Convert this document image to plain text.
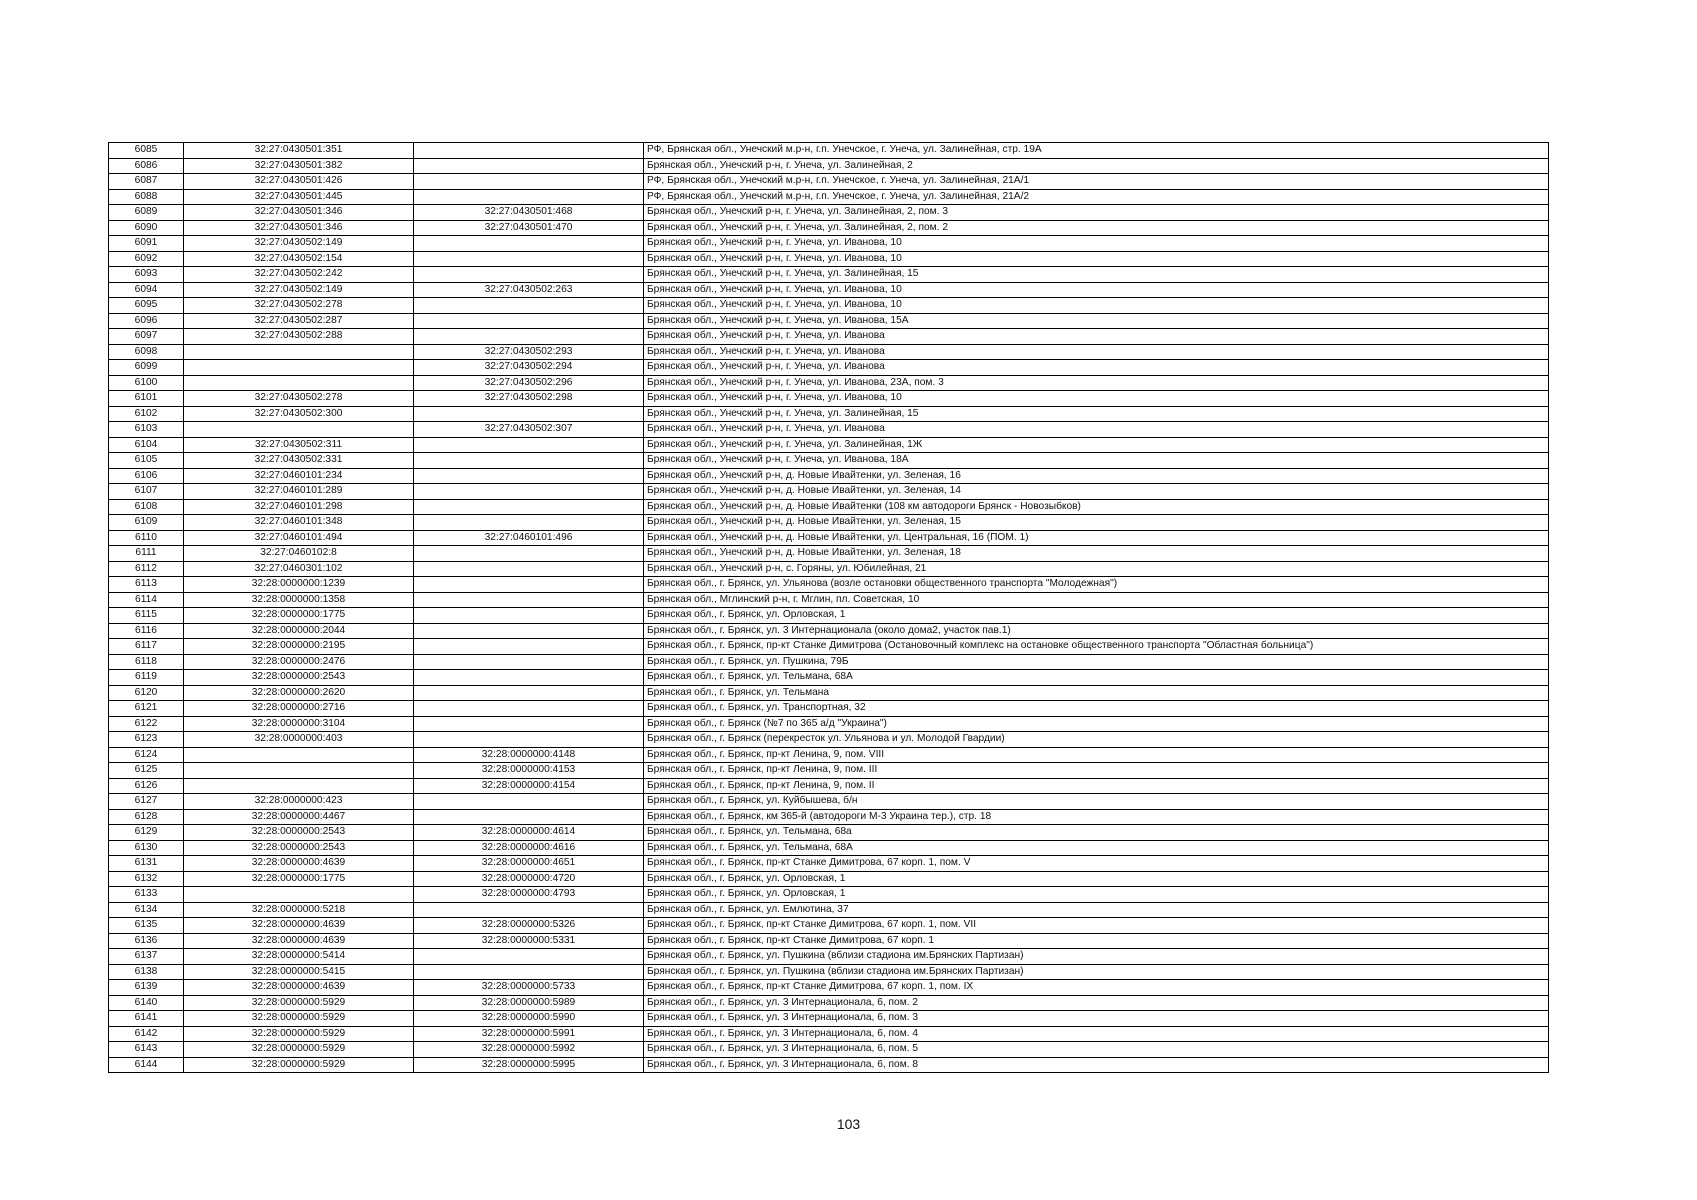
6085	32:27:0430501:351		РФ, Брянская обл., Унечский м.р-н, г.п. Унечское, г. Унеча, ул. Залинейная, стр. 19А
6086	32:27:0430501:382		Брянская обл., Унечский р-н, г. Унеча, ул. Залинейная, 2
6087	32:27:0430501:426		РФ, Брянская обл., Унечский м.р-н, г.п. Унечское, г. Унеча, ул. Залинейная, 21А/1
6088	32:27:0430501:445		РФ, Брянская обл., Унечский м.р-н, г.п. Унечское, г. Унеча, ул. Залинейная, 21А/2
6089	32:27:0430501:346	32:27:0430501:468	Брянская обл., Унечский р-н, г. Унеча, ул. Залинейная, 2, пом. 3
6090	32:27:0430501:346	32:27:0430501:470	Брянская обл., Унечский р-н, г. Унеча, ул. Залинейная, 2, пом. 2
6091	32:27:0430502:149		Брянская обл., Унечский р-н, г. Унеча, ул. Иванова, 10
6092	32:27:0430502:154		Брянская обл., Унечский р-н, г. Унеча, ул. Иванова, 10
6093	32:27:0430502:242		Брянская обл., Унечский р-н, г. Унеча, ул. Залинейная, 15
6094	32:27:0430502:149	32:27:0430502:263	Брянская обл., Унечский р-н, г. Унеча, ул. Иванова, 10
6095	32:27:0430502:278		Брянская обл., Унечский р-н, г. Унеча, ул. Иванова, 10
6096	32:27:0430502:287		Брянская обл., Унечский р-н, г. Унеча, ул. Иванова, 15А
6097	32:27:0430502:288		Брянская обл., Унечский р-н, г. Унеча, ул. Иванова
6098		32:27:0430502:293	Брянская обл., Унечский р-н, г. Унеча, ул. Иванова
6099		32:27:0430502:294	Брянская обл., Унечский р-н, г. Унеча, ул. Иванова
6100		32:27:0430502:296	Брянская обл., Унечский р-н, г. Унеча, ул. Иванова, 23А, пом. 3
6101	32:27:0430502:278	32:27:0430502:298	Брянская обл., Унечский р-н, г. Унеча, ул. Иванова, 10
6102	32:27:0430502:300		Брянская обл., Унечский р-н, г. Унеча, ул. Залинейная, 15
6103		32:27:0430502:307	Брянская обл., Унечский р-н, г. Унеча, ул. Иванова
6104	32:27:0430502:311		Брянская обл., Унечский р-н, г. Унеча, ул. Залинейная, 1Ж
6105	32:27:0430502:331		Брянская обл., Унечский р-н, г. Унеча, ул. Иванова, 18А
6106	32:27:0460101:234		Брянская обл., Унечский р-н, д. Новые Ивайтенки, ул. Зеленая, 16
6107	32:27:0460101:289		Брянская обл., Унечский р-н, д. Новые Ивайтенки, ул. Зеленая, 14
6108	32:27:0460101:298		Брянская обл., Унечский р-н, д. Новые Ивайтенки (108 км автодороги Брянск - Новозыбков)
6109	32:27:0460101:348		Брянская обл., Унечский р-н, д. Новые Ивайтенки, ул. Зеленая, 15
6110	32:27:0460101:494	32:27:0460101:496	Брянская обл., Унечский р-н, д. Новые Ивайтенки, ул. Центральная, 16 (ПОМ. 1)
6111	32:27:0460102:8		Брянская обл., Унечский р-н, д. Новые Ивайтенки, ул. Зеленая, 18
6112	32:27:0460301:102		Брянская обл., Унечский р-н, с. Горяны, ул. Юбилейная, 21
6113	32:28:0000000:1239		Брянская обл., г. Брянск, ул. Ульянова (возле остановки общественного транспорта "Молодежная")
6114	32:28:0000000:1358		Брянская обл., Мглинский р-н, г. Мглин, пл. Советская, 10
6115	32:28:0000000:1775		Брянская обл., г. Брянск, ул. Орловская, 1
6116	32:28:0000000:2044		Брянская обл., г. Брянск, ул. 3 Интернационала (около дома2, участок пав.1)
6117	32:28:0000000:2195		Брянская обл., г. Брянск, пр-кт Станке Димитрова (Остановочный комплекс на остановке общественного транспорта "Областная больница")
6118	32:28:0000000:2476		Брянская обл., г. Брянск, ул. Пушкина, 79Б
6119	32:28:0000000:2543		Брянская обл., г. Брянск, ул. Тельмана, 68А
6120	32:28:0000000:2620		Брянская обл., г. Брянск, ул. Тельмана
6121	32:28:0000000:2716		Брянская обл., г. Брянск, ул. Транспортная, 32
6122	32:28:0000000:3104		Брянская обл., г. Брянск (№7 по 365 а/д "Украина")
6123	32:28:0000000:403		Брянская обл., г. Брянск (перекресток ул. Ульянова и ул. Молодой Гвардии)
6124		32:28:0000000:4148	Брянская обл., г. Брянск, пр-кт Ленина, 9, пом. VIII
6125		32:28:0000000:4153	Брянская обл., г. Брянск, пр-кт Ленина, 9, пом. III
6126		32:28:0000000:4154	Брянская обл., г. Брянск, пр-кт Ленина, 9, пом. II
6127	32:28:0000000:423		Брянская обл., г. Брянск, ул. Куйбышева, б/н
6128	32:28:0000000:4467		Брянская обл., г. Брянск, км 365-й (автодороги М-3 Украина тер.), стр. 18
6129	32:28:0000000:2543	32:28:0000000:4614	Брянская обл., г. Брянск, ул. Тельмана, 68а
6130	32:28:0000000:2543	32:28:0000000:4616	Брянская обл., г. Брянск, ул. Тельмана, 68А
6131	32:28:0000000:4639	32:28:0000000:4651	Брянская обл., г. Брянск, пр-кт Станке Димитрова, 67 корп. 1, пом. V
6132	32:28:0000000:1775	32:28:0000000:4720	Брянская обл., г. Брянск, ул. Орловская, 1
6133		32:28:0000000:4793	Брянская обл., г. Брянск, ул. Орловская, 1
6134	32:28:0000000:5218		Брянская обл., г. Брянск, ул. Емлютина, 37
6135	32:28:0000000:4639	32:28:0000000:5326	Брянская обл., г. Брянск, пр-кт Станке Димитрова, 67 корп. 1, пом. VII
6136	32:28:0000000:4639	32:28:0000000:5331	Брянская обл., г. Брянск, пр-кт Станке Димитрова, 67 корп. 1
6137	32:28:0000000:5414		Брянская обл., г. Брянск, ул. Пушкина (вблизи стадиона им.Брянских Партизан)
6138	32:28:0000000:5415		Брянская обл., г. Брянск, ул. Пушкина (вблизи стадиона им.Брянских Партизан)
6139	32:28:0000000:4639	32:28:0000000:5733	Брянская обл., г. Брянск, пр-кт Станке Димитрова, 67 корп. 1, пом. IX
6140	32:28:0000000:5929	32:28:0000000:5989	Брянская обл., г. Брянск, ул. 3 Интернационала, 6, пом. 2
6141	32:28:0000000:5929	32:28:0000000:5990	Брянская обл., г. Брянск, ул. 3 Интернационала, 6, пом. 3
6142	32:28:0000000:5929	32:28:0000000:5991	Брянская обл., г. Брянск, ул. 3 Интернационала, 6, пом. 4
6143	32:28:0000000:5929	32:28:0000000:5992	Брянская обл., г. Брянск, ул. 3 Интернационала, 6, пом. 5
6144	32:28:0000000:5929	32:28:0000000:5995	Брянская обл., г. Брянск, ул. 3 Интернационала, 6, пом. 8
103
